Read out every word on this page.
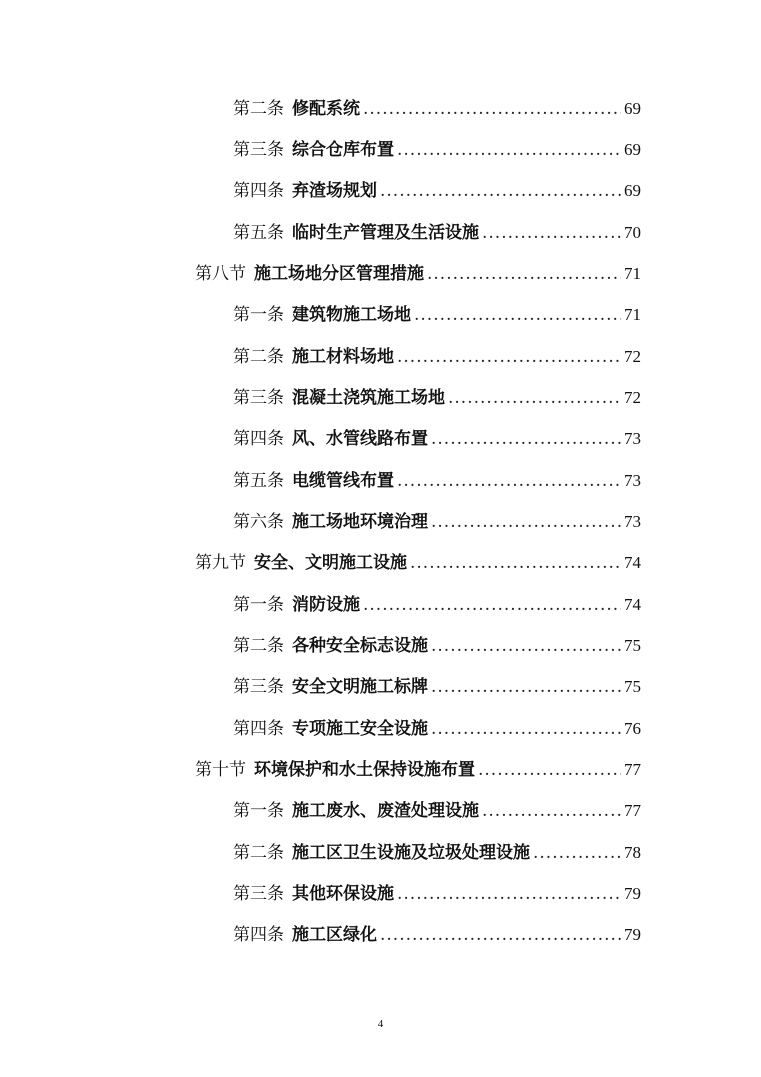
第二条 修配系统 .....	69
第三条 综合仓库布置 .....	69
第四条 弃渣场规划 .....	69
第五条 临时生产管理及生活设施 .....	70
第八节 施工场地分区管理措施 .....	71
第一条 建筑物施工场地 .....	71
第二条 施工材料场地 .....	72
第三条 混凝土浇筑施工场地 .....	72
第四条 风、水管线路布置 .....	73
第五条 电缆管线布置 .....	73
第六条 施工场地环境治理 .....	73
第九节 安全、文明施工设施 .....	74
第一条 消防设施 .....	74
第二条 各种安全标志设施 .....	75
第三条 安全文明施工标牌 .....	75
第四条 专项施工安全设施 .....	76
第十节 环境保护和水土保持设施布置 .....	77
第一条 施工废水、废渣处理设施 .....	77
第二条 施工区卫生设施及垃圾处理设施 .....	78
第三条 其他环保设施 .....	79
第四条 施工区绿化 .....	79
4
